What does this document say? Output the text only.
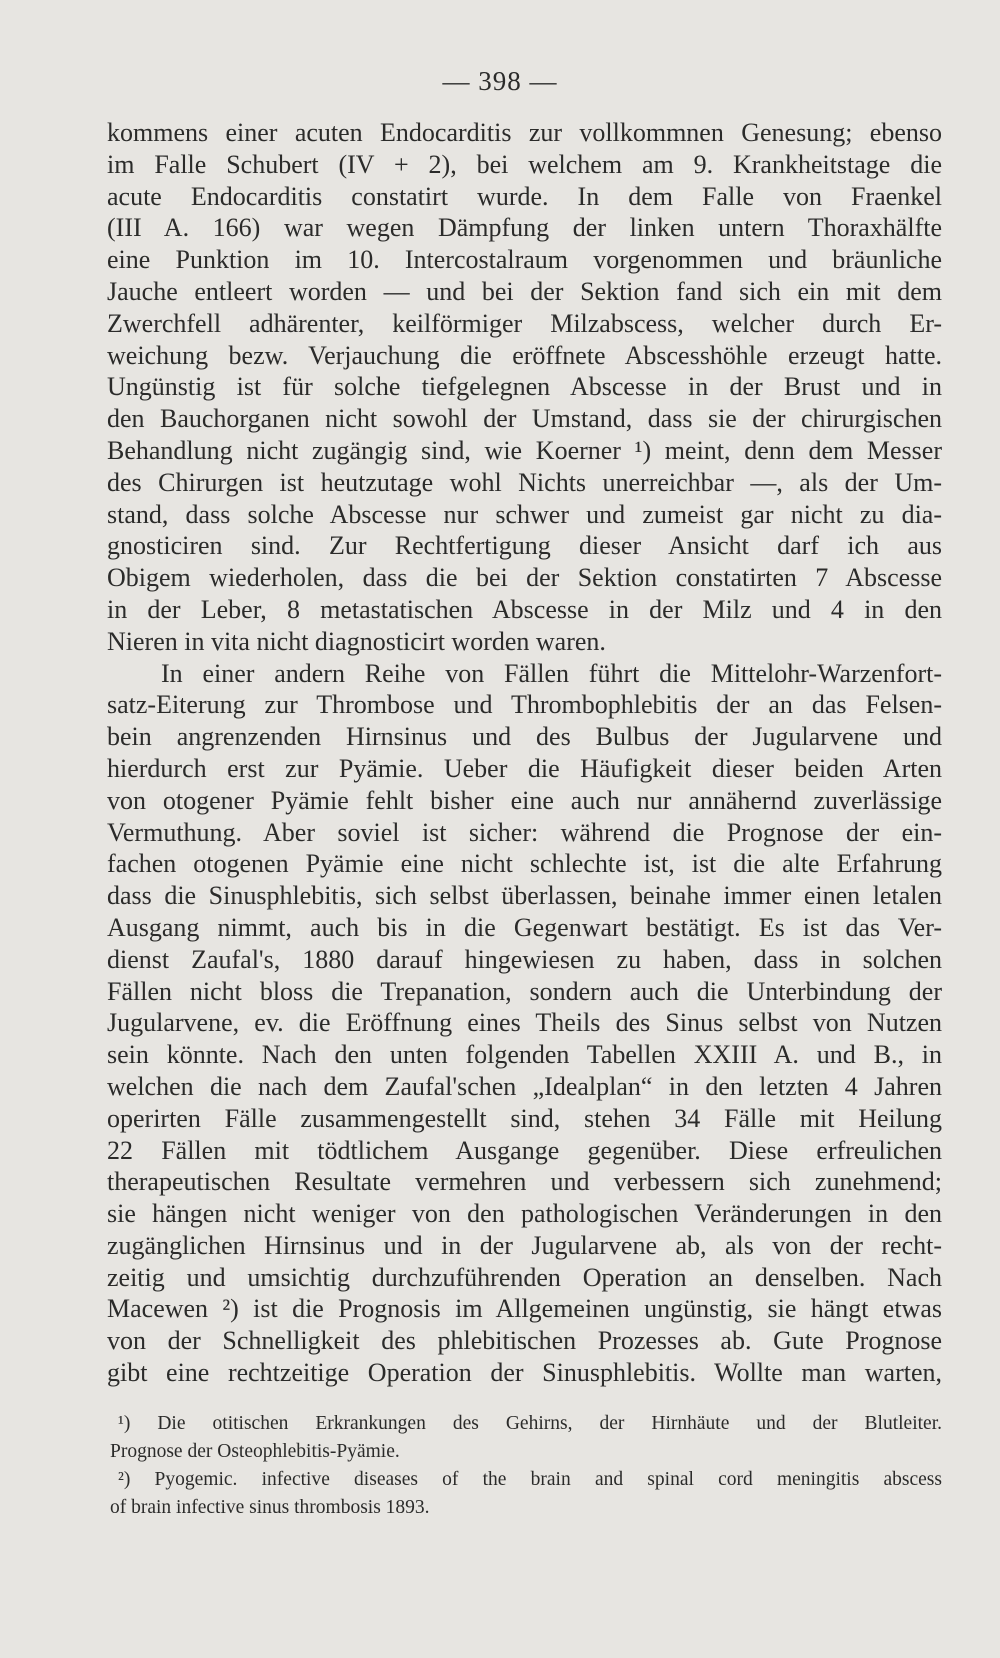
— 398 —
kommens einer acuten Endocarditis zur vollkommnen Genesung; ebenso
im Falle Schubert (IV + 2), bei welchem am 9. Krankheitstage die
acute Endocarditis constatirt wurde. In dem Falle von Fraenkel
(III A. 166) war wegen Dämpfung der linken untern Thoraxhälfte
eine Punktion im 10. Intercostalraum vorgenommen und bräunliche
Jauche entleert worden — und bei der Sektion fand sich ein mit dem
Zwerchfell adhärenter, keilförmiger Milzabscess, welcher durch Er-
weichung bezw. Verjauchung die eröffnete Abscesshöhle erzeugt hatte.
Ungünstig ist für solche tiefgelegnen Abscesse in der Brust und in
den Bauchorganen nicht sowohl der Umstand, dass sie der chirurgischen
Behandlung nicht zugängig sind, wie Koerner ¹) meint, denn dem Messer
des Chirurgen ist heutzutage wohl Nichts unerreichbar —, als der Um-
stand, dass solche Abscesse nur schwer und zumeist gar nicht zu dia-
gnosticiren sind. Zur Rechtfertigung dieser Ansicht darf ich aus
Obigem wiederholen, dass die bei der Sektion constatirten 7 Abscesse
in der Leber, 8 metastatischen Abscesse in der Milz und 4 in den
Nieren in vita nicht diagnosticirt worden waren.
In einer andern Reihe von Fällen führt die Mittelohr-Warzenfort-
satz-Eiterung zur Thrombose und Thrombophlebitis der an das Felsen-
bein angrenzenden Hirnsinus und des Bulbus der Jugularvene und
hierdurch erst zur Pyämie. Ueber die Häufigkeit dieser beiden Arten
von otogener Pyämie fehlt bisher eine auch nur annähernd zuverlässige
Vermuthung. Aber soviel ist sicher: während die Prognose der ein-
fachen otogenen Pyämie eine nicht schlechte ist, ist die alte Erfahrung
dass die Sinusphlebitis, sich selbst überlassen, beinahe immer einen letalen
Ausgang nimmt, auch bis in die Gegenwart bestätigt. Es ist das Ver-
dienst Zaufal's, 1880 darauf hingewiesen zu haben, dass in solchen
Fällen nicht bloss die Trepanation, sondern auch die Unterbindung der
Jugularvene, ev. die Eröffnung eines Theils des Sinus selbst von Nutzen
sein könnte. Nach den unten folgenden Tabellen XXIII A. und B., in
welchen die nach dem Zaufal'schen „Idealplan“ in den letzten 4 Jahren
operirten Fälle zusammengestellt sind, stehen 34 Fälle mit Heilung
22 Fällen mit tödtlichem Ausgange gegenüber. Diese erfreulichen
therapeutischen Resultate vermehren und verbessern sich zunehmend;
sie hängen nicht weniger von den pathologischen Veränderungen in den
zugänglichen Hirnsinus und in der Jugularvene ab, als von der recht-
zeitig und umsichtig durchzuführenden Operation an denselben. Nach
Macewen ²) ist die Prognosis im Allgemeinen ungünstig, sie hängt etwas
von der Schnelligkeit des phlebitischen Prozesses ab. Gute Prognose
gibt eine rechtzeitige Operation der Sinusphlebitis. Wollte man warten,
¹) Die otitischen Erkrankungen des Gehirns, der Hirnhäute und der Blutleiter.
Prognose der Osteophlebitis-Pyämie.
²) Pyogemic. infective diseases of the brain and spinal cord meningitis abscess
of brain infective sinus thrombosis 1893.
